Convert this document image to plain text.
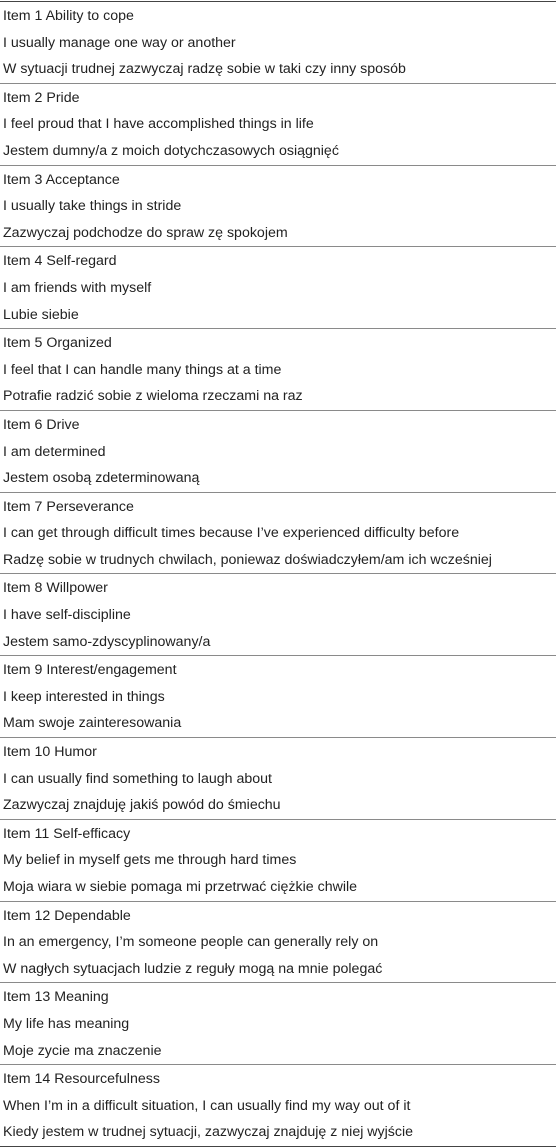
Item 1 Ability to cope
I usually manage one way or another
W sytuacji trudnej zazwyczaj radzę sobie w taki czy inny sposób
Item 2 Pride
I feel proud that I have accomplished things in life
Jestem dumny/a z moich dotychczasowych osiągnięć
Item 3 Acceptance
I usually take things in stride
Zazwyczaj podchodze do spraw zę spokojem
Item 4 Self-regard
I am friends with myself
Lubie siebie
Item 5 Organized
I feel that I can handle many things at a time
Potrafie radzić sobie z wieloma rzeczami na raz
Item 6 Drive
I am determined
Jestem osobą zdeterminowaną
Item 7 Perseverance
I can get through difficult times because I’ve experienced difficulty before
Radzę sobie w trudnych chwilach, poniewaz doświadczyłem/am ich wcześniej
Item 8 Willpower
I have self-discipline
Jestem samo-zdyscyplinowany/a
Item 9 Interest/engagement
I keep interested in things
Mam swoje zainteresowania
Item 10 Humor
I can usually find something to laugh about
Zazwyczaj znajduję jakiś powód do śmiechu
Item 11 Self-efficacy
My belief in myself gets me through hard times
Moja wiara w siebie pomaga mi przetrwać ciężkie chwile
Item 12 Dependable
In an emergency, I’m someone people can generally rely on
W nagłych sytuacjach ludzie z reguły mogą na mnie polegać
Item 13 Meaning
My life has meaning
Moje zycie ma znaczenie
Item 14 Resourcefulness
When I’m in a difficult situation, I can usually find my way out of it
Kiedy jestem w trudnej sytuacji, zazwyczaj znajduję z niej wyjście
